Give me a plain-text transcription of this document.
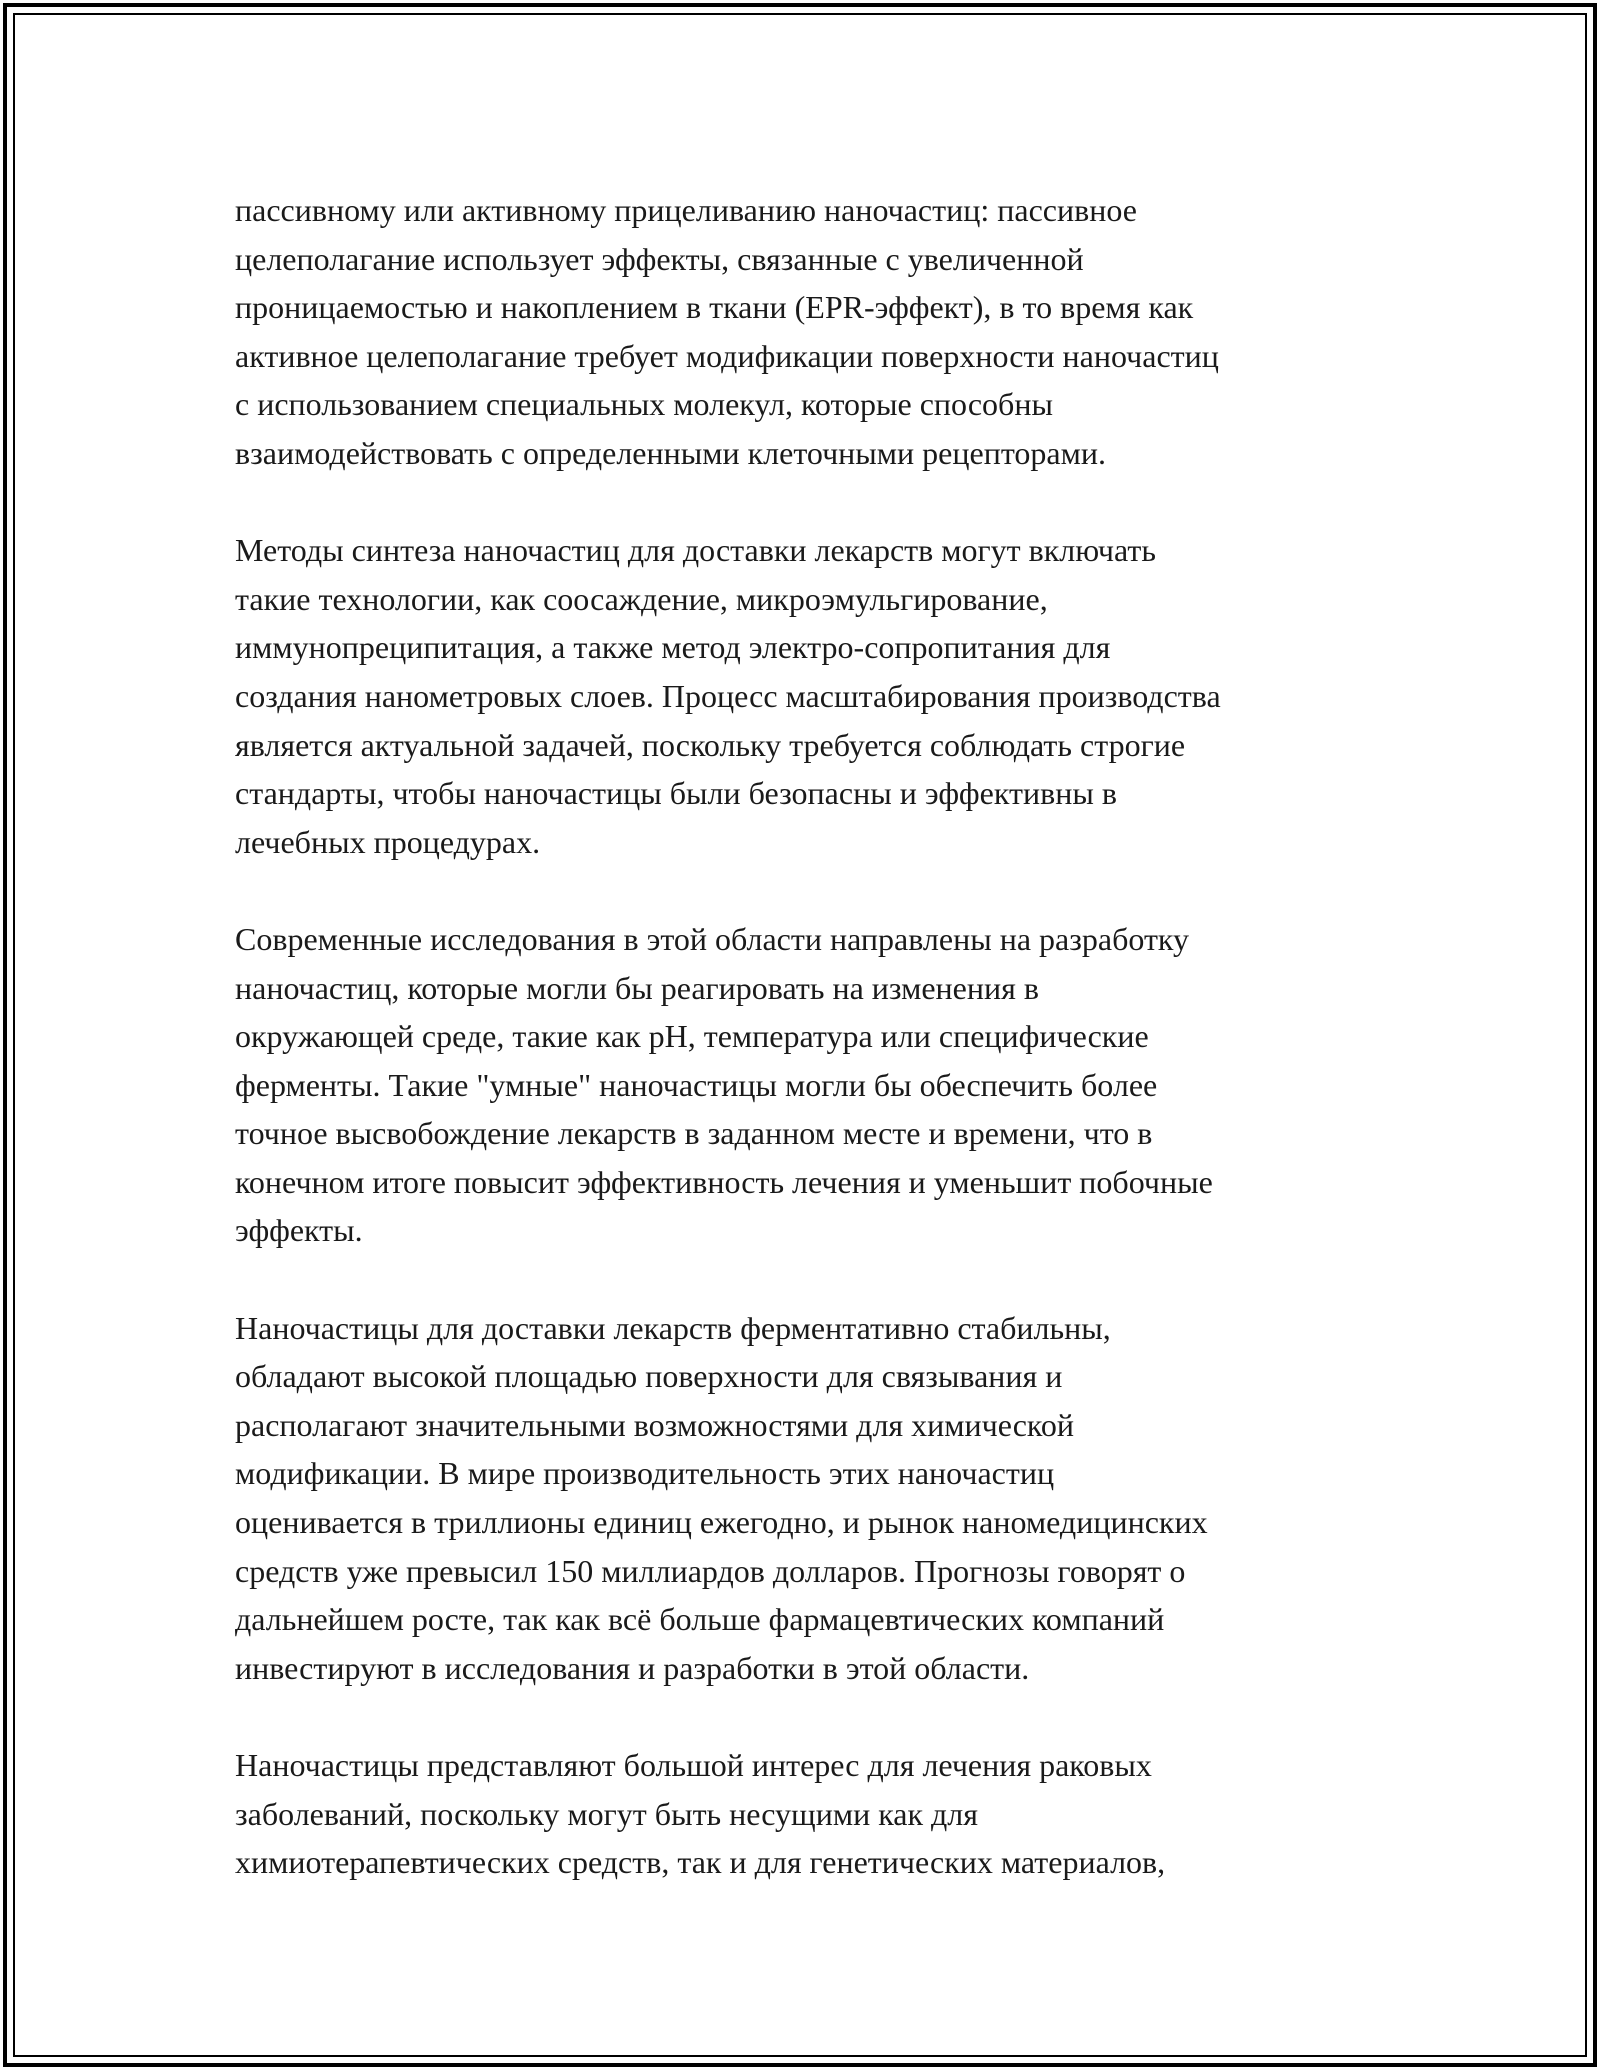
пассивному или активному прицеливанию наночастиц: пассивное
целеполагание использует эффекты, связанные с увеличенной
проницаемостью и накоплением в ткани (EPR-эффект), в то время как
активное целеполагание требует модификации поверхности наночастиц
с использованием специальных молекул, которые способны
взаимодействовать с определенными клеточными рецепторами.

Методы синтеза наночастиц для доставки лекарств могут включать
такие технологии, как соосаждение, микроэмульгирование,
иммунопреципитация, а также метод электро-сопропитания для
создания нанометровых слоев. Процесс масштабирования производства
является актуальной задачей, поскольку требуется соблюдать строгие
стандарты, чтобы наночастицы были безопасны и эффективны в
лечебных процедурах.

Современные исследования в этой области направлены на разработку
наночастиц, которые могли бы реагировать на изменения в
окружающей среде, такие как pH, температура или специфические
ферменты. Такие "умные" наночастицы могли бы обеспечить более
точное высвобождение лекарств в заданном месте и времени, что в
конечном итоге повысит эффективность лечения и уменьшит побочные
эффекты.

Наночастицы для доставки лекарств ферментативно стабильны,
обладают высокой площадью поверхности для связывания и
располагают значительными возможностями для химической
модификации. В мире производительность этих наночастиц
оценивается в триллионы единиц ежегодно, и рынок наномедицинских
средств уже превысил 150 миллиардов долларов. Прогнозы говорят о
дальнейшем росте, так как всё больше фармацевтических компаний
инвестируют в исследования и разработки в этой области.

Наночастицы представляют большой интерес для лечения раковых
заболеваний, поскольку могут быть несущими как для
химиотерапевтических средств, так и для генетических материалов,
